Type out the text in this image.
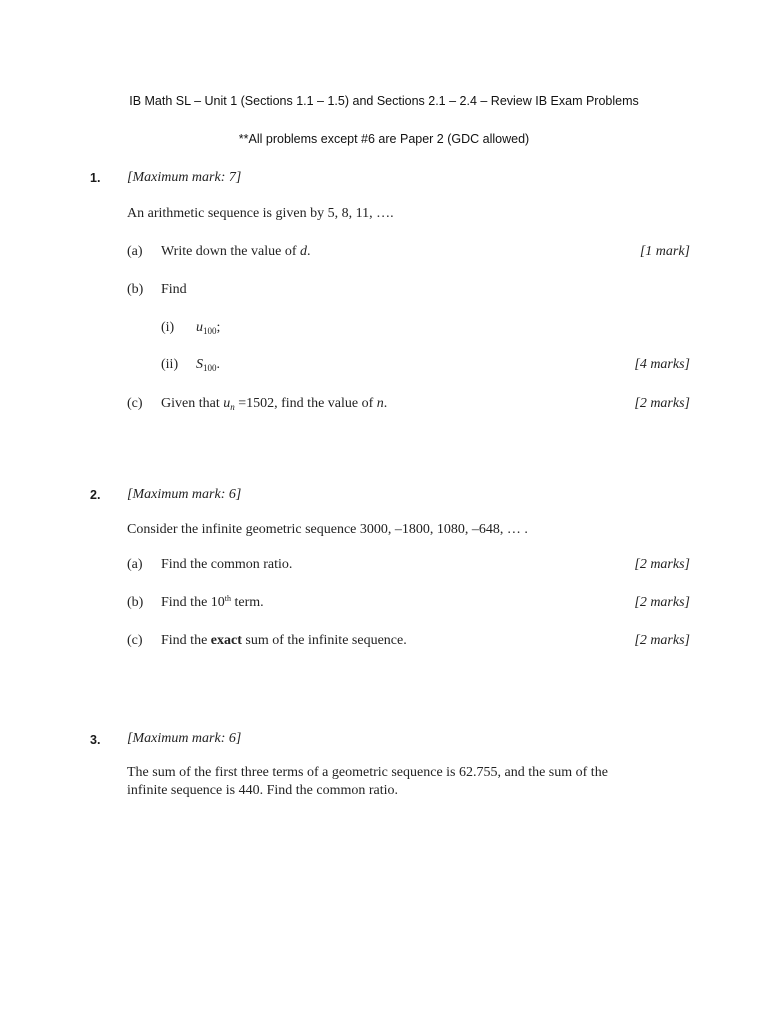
IB Math SL – Unit 1 (Sections 1.1 – 1.5) and Sections 2.1 – 2.4 – Review IB Exam Problems
**All problems except #6 are Paper 2 (GDC allowed)
1. [Maximum mark: 7]
An arithmetic sequence is given by 5, 8, 11, ….
(a) Write down the value of d.	[1 mark]
(b) Find
(i) $u_{100}$;
(ii) $S_{100}$.	[4 marks]
(c) Given that $u_n =1502$, find the value of n.	[2 marks]
2. [Maximum mark: 6]
Consider the infinite geometric sequence 3000, –1800, 1080, –648, … .
(a) Find the common ratio.	[2 marks]
(b) Find the 10th term.	[2 marks]
(c) Find the exact sum of the infinite sequence.	[2 marks]
3. [Maximum mark: 6]
The sum of the first three terms of a geometric sequence is 62.755, and the sum of the
infinite sequence is 440. Find the common ratio.
